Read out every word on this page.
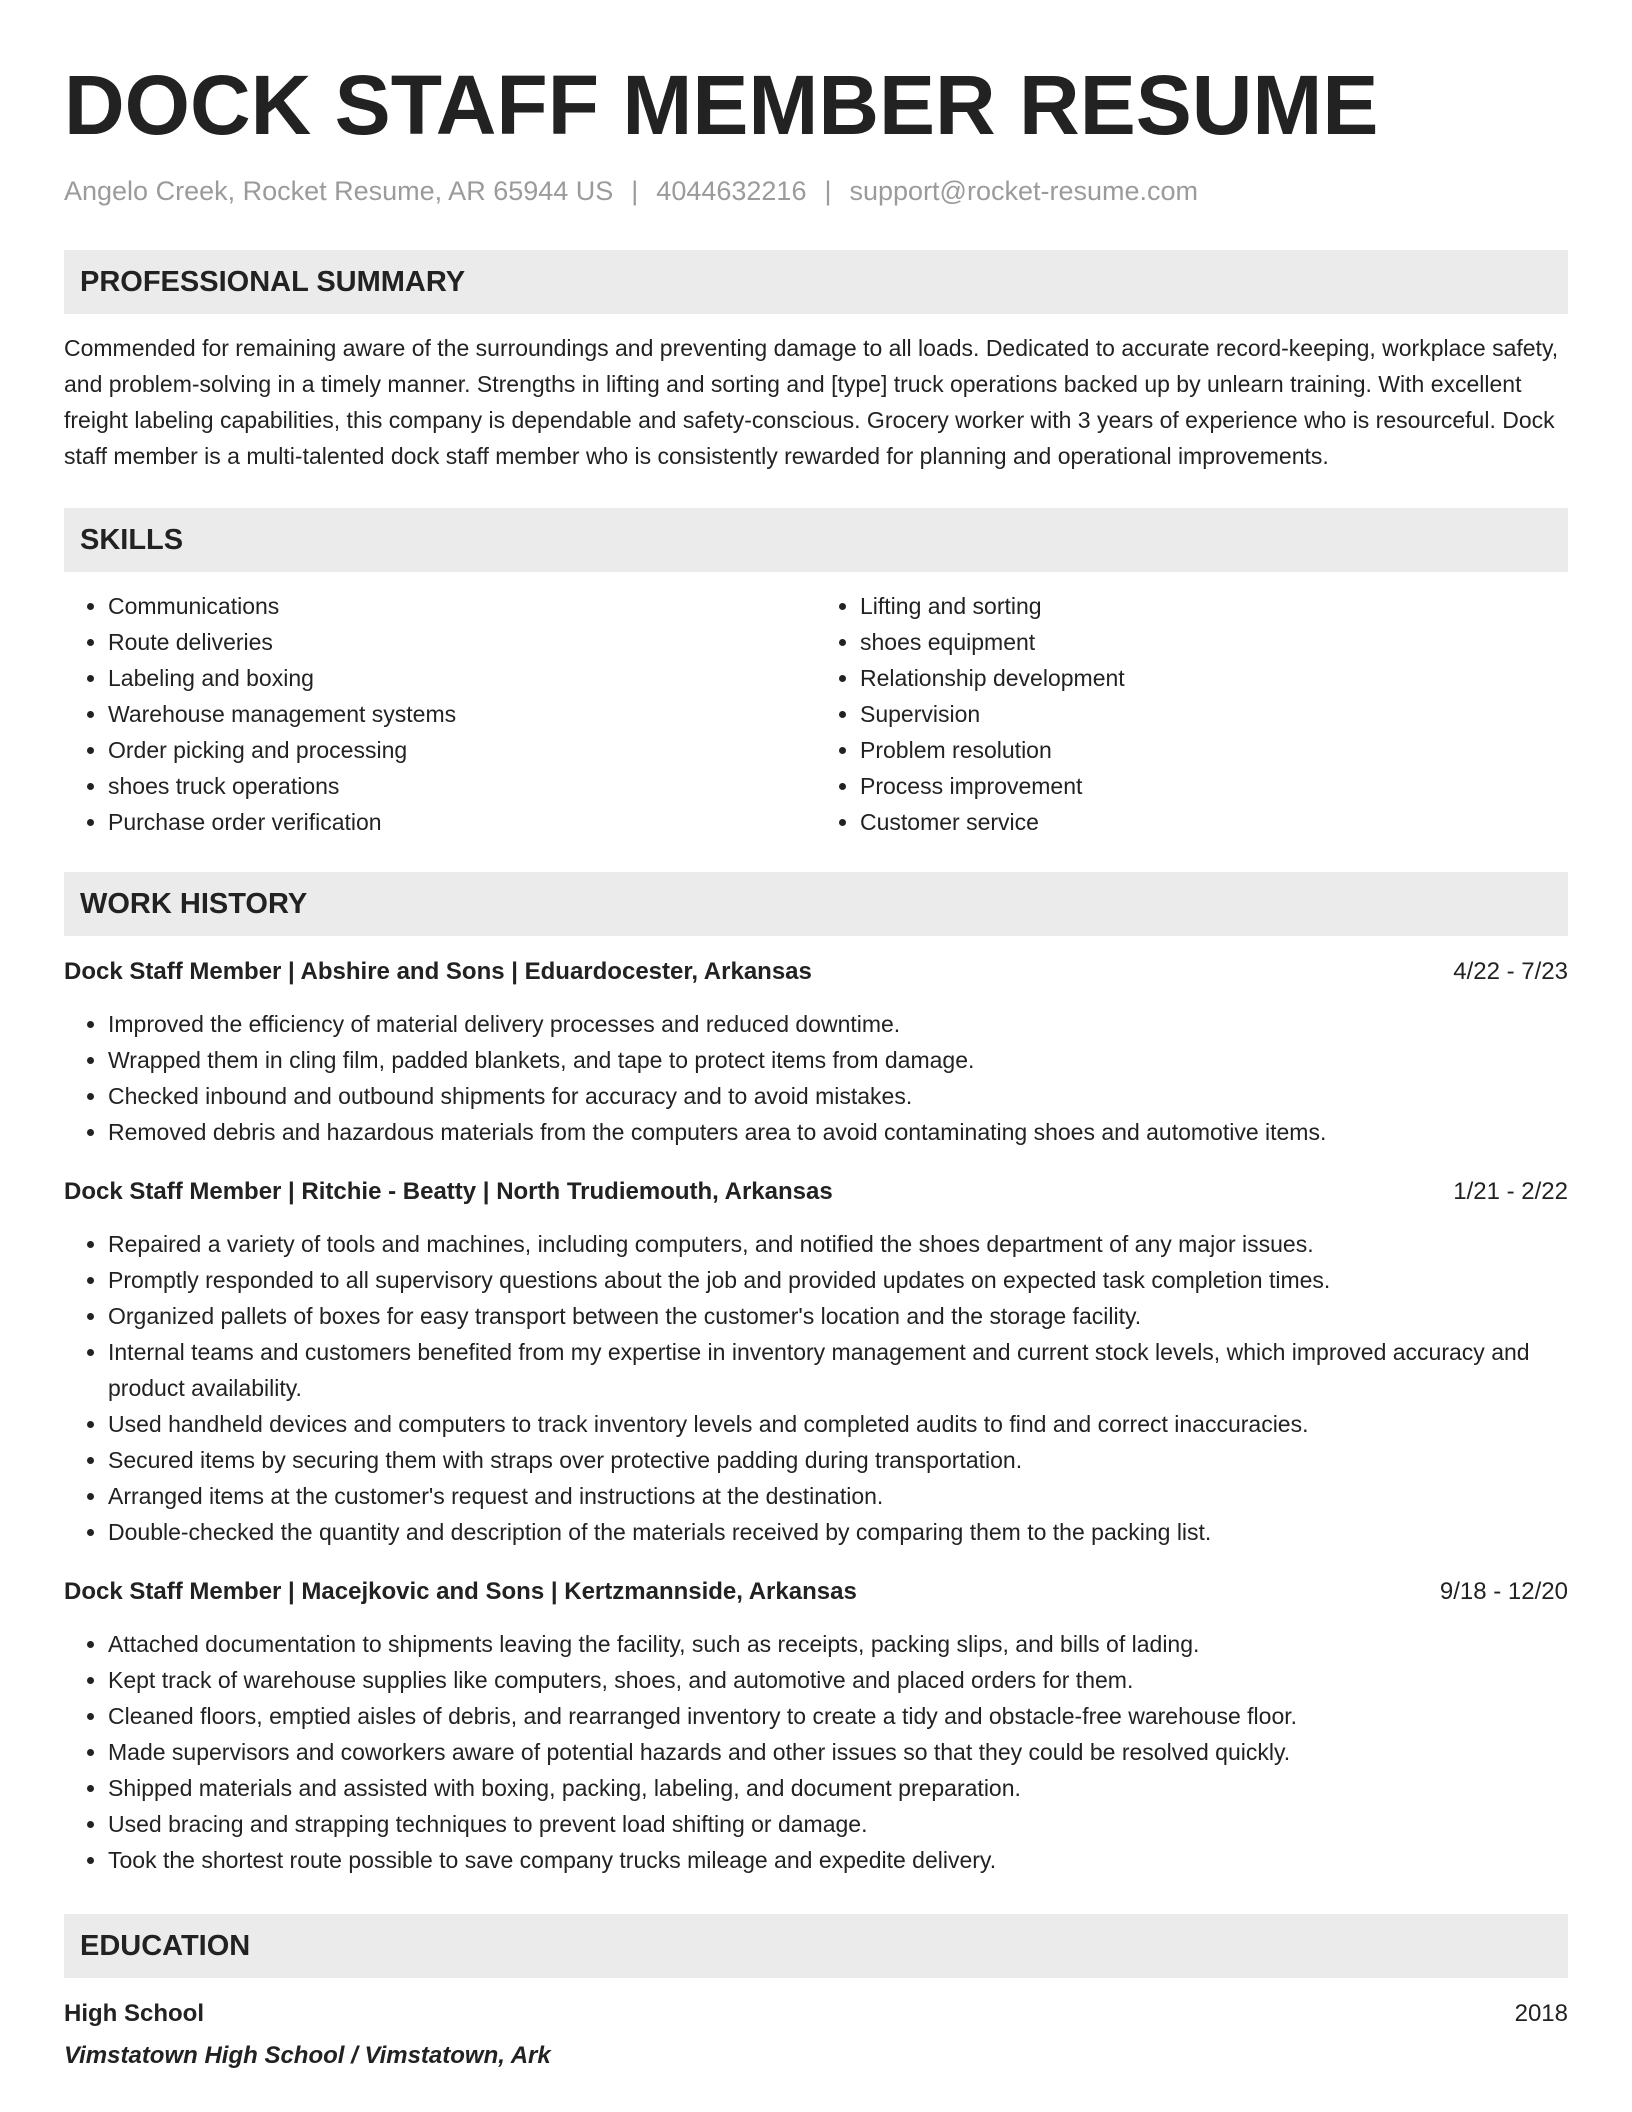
DOCK STAFF MEMBER RESUME
Angelo Creek, Rocket Resume, AR 65944 US | 4044632216 | support@rocket-resume.com
PROFESSIONAL SUMMARY

Commended for remaining aware of the surroundings and preventing damage to all loads. Dedicated to accurate record-keeping, workplace safety, and problem-solving in a timely manner. Strengths in lifting and sorting and [type] truck operations backed up by unlearn training. With excellent freight labeling capabilities, this company is dependable and safety-conscious. Grocery worker with 3 years of experience who is resourceful. Dock staff member is a multi-talented dock staff member who is consistently rewarded for planning and operational improvements.

SKILLS
• Communications
• Route deliveries
• Labeling and boxing
• Warehouse management systems
• Order picking and processing
• shoes truck operations
• Purchase order verification
• Lifting and sorting
• shoes equipment
• Relationship development
• Supervision
• Problem resolution
• Process improvement
• Customer service
WORK HISTORY
Dock Staff Member | Abshire and Sons | Eduardocester, Arkansas	4/22 - 7/23
• Improved the efficiency of material delivery processes and reduced downtime.
• Wrapped them in cling film, padded blankets, and tape to protect items from damage.
• Checked inbound and outbound shipments for accuracy and to avoid mistakes.
• Removed debris and hazardous materials from the computers area to avoid contaminating shoes and automotive items.
Dock Staff Member | Ritchie - Beatty | North Trudiemouth, Arkansas	1/21 - 2/22
• Repaired a variety of tools and machines, including computers, and notified the shoes department of any major issues.
• Promptly responded to all supervisory questions about the job and provided updates on expected task completion times.
• Organized pallets of boxes for easy transport between the customer's location and the storage facility.
• Internal teams and customers benefited from my expertise in inventory management and current stock levels, which improved accuracy and product availability.
• Used handheld devices and computers to track inventory levels and completed audits to find and correct inaccuracies.
• Secured items by securing them with straps over protective padding during transportation.
• Arranged items at the customer's request and instructions at the destination.
• Double-checked the quantity and description of the materials received by comparing them to the packing list.
Dock Staff Member | Macejkovic and Sons | Kertzmannside, Arkansas	9/18 - 12/20
• Attached documentation to shipments leaving the facility, such as receipts, packing slips, and bills of lading.
• Kept track of warehouse supplies like computers, shoes, and automotive and placed orders for them.
• Cleaned floors, emptied aisles of debris, and rearranged inventory to create a tidy and obstacle-free warehouse floor.
• Made supervisors and coworkers aware of potential hazards and other issues so that they could be resolved quickly.
• Shipped materials and assisted with boxing, packing, labeling, and document preparation.
• Used bracing and strapping techniques to prevent load shifting or damage.
• Took the shortest route possible to save company trucks mileage and expedite delivery.
EDUCATION
High School	2018
Vimstatown High School / Vimstatown, Ark
